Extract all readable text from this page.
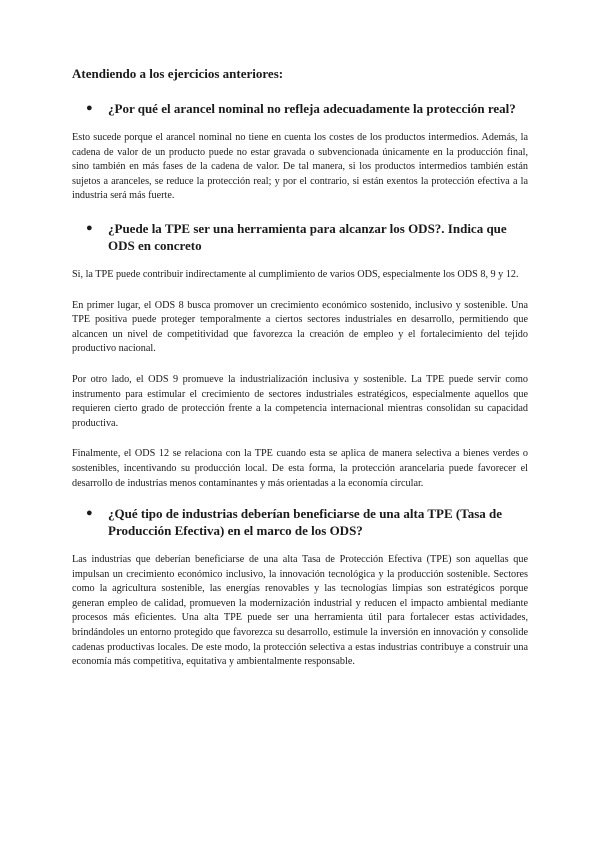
Atendiendo a los ejercicios anteriores:
● ¿Por qué el arancel nominal no refleja adecuadamente la protección real?

Esto sucede porque el arancel nominal no tiene en cuenta los costes de los productos intermedios. Además, la cadena de valor de un producto puede no estar gravada o subvencionada únicamente en la producción final, sino también en más fases de la cadena de valor. De tal manera, si los productos intermedios también están sujetos a aranceles, se reduce la protección real; y por el contrario, si están exentos la protección efectiva a la industria será más fuerte.

● ¿Puede la TPE ser una herramienta para alcanzar los ODS?. Indica que ODS en concreto

Si, la TPE puede contribuir indirectamente al cumplimiento de varios ODS, especialmente los ODS 8, 9 y 12.

En primer lugar, el ODS 8 busca promover un crecimiento económico sostenido, inclusivo y sostenible. Una TPE positiva puede proteger temporalmente a ciertos sectores industriales en desarrollo, permitiendo que alcancen un nivel de competitividad que favorezca la creación de empleo y el fortalecimiento del tejido productivo nacional.

Por otro lado, el ODS 9 promueve la industrialización inclusiva y sostenible. La TPE puede servir como instrumento para estimular el crecimiento de sectores industriales estratégicos, especialmente aquellos que requieren cierto grado de protección frente a la competencia internacional mientras consolidan su capacidad productiva.

Finalmente, el ODS 12 se relaciona con la TPE cuando esta se aplica de manera selectiva a bienes verdes o sostenibles, incentivando su producción local. De esta forma, la protección arancelaria puede favorecer el desarrollo de industrias menos contaminantes y más orientadas a la economía circular.

● ¿Qué tipo de industrias deberían beneficiarse de una alta TPE (Tasa de Producción Efectiva) en el marco de los ODS?

Las industrias que deberían beneficiarse de una alta Tasa de Protección Efectiva (TPE) son aquellas que impulsan un crecimiento económico inclusivo, la innovación tecnológica y la producción sostenible. Sectores como la agricultura sostenible, las energías renovables y las tecnologías limpias son estratégicos porque generan empleo de calidad, promueven la modernización industrial y reducen el impacto ambiental mediante procesos más eficientes. Una alta TPE puede ser una herramienta útil para fortalecer estas actividades, brindándoles un entorno protegido que favorezca su desarrollo, estimule la inversión en innovación y consolide cadenas productivas locales. De este modo, la protección selectiva a estas industrias contribuye a construir una economía más competitiva, equitativa y ambientalmente responsable.
